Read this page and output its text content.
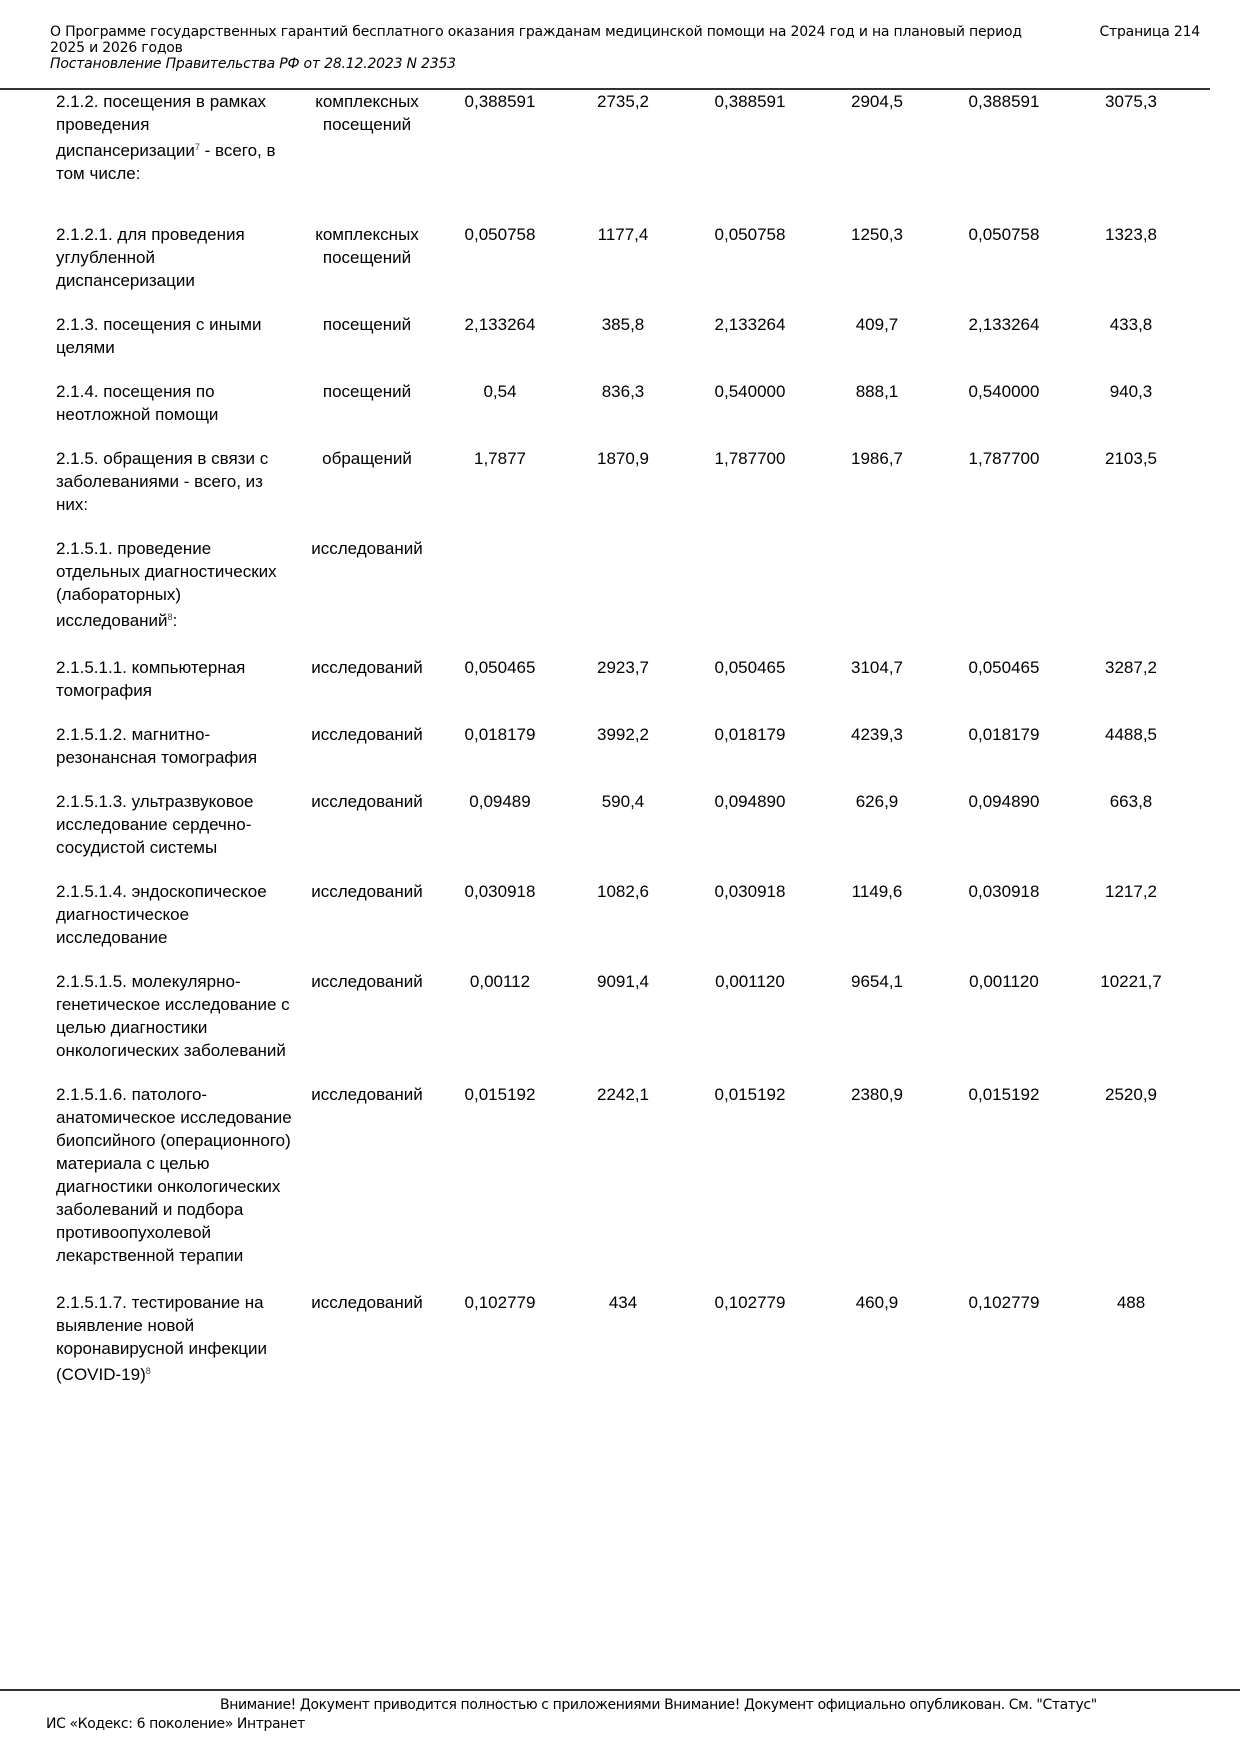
О Программе государственных гарантий бесплатного оказания гражданам медицинской помощи на 2024 год и на плановый период 2025 и 2026 годов
Страница 214
Постановление Правительства РФ от 28.12.2023 N 2353
2.1.2. посещения в рамках проведения диспансеризации$^7$ - всего, в том числе:	комплексных посещений	0,388591	2735,2	0,388591	2904,5	0,388591	3075,3
2.1.2.1. для проведения углубленной диспансеризации	комплексных посещений	0,050758	1177,4	0,050758	1250,3	0,050758	1323,8
2.1.3. посещения с иными целями	посещений	2,133264	385,8	2,133264	409,7	2,133264	433,8
2.1.4. посещения по неотложной помощи	посещений	0,54	836,3	0,540000	888,1	0,540000	940,3
2.1.5. обращения в связи с заболеваниями - всего, из них:	обращений	1,7877	1870,9	1,787700	1986,7	1,787700	2103,5
2.1.5.1. проведение отдельных диагностических (лабораторных) исследований$^8$:	исследований						
2.1.5.1.1. компьютерная томография	исследований	0,050465	2923,7	0,050465	3104,7	0,050465	3287,2
2.1.5.1.2. магнитно-резонансная томография	исследований	0,018179	3992,2	0,018179	4239,3	0,018179	4488,5
2.1.5.1.3. ультразвуковое исследование сердечно-сосудистой системы	исследований	0,09489	590,4	0,094890	626,9	0,094890	663,8
2.1.5.1.4. эндоскопическое диагностическое исследование	исследований	0,030918	1082,6	0,030918	1149,6	0,030918	1217,2
2.1.5.1.5. молекулярно-генетическое исследование с целью диагностики онкологических заболеваний	исследований	0,00112	9091,4	0,001120	9654,1	0,001120	10221,7
2.1.5.1.6. патолого-анатомическое исследование биопсийного (операционного) материала с целью диагностики онкологических заболеваний и подбора противоопухолевой лекарственной терапии	исследований	0,015192	2242,1	0,015192	2380,9	0,015192	2520,9
2.1.5.1.7. тестирование на выявление новой коронавирусной инфекции (COVID-19)$^8$	исследований	0,102779	434	0,102779	460,9	0,102779	488
Внимание! Документ приводится полностью с приложениями Внимание! Документ официально опубликован. См. "Статус"
ИС «Кодекс: 6 поколение» Интранет
